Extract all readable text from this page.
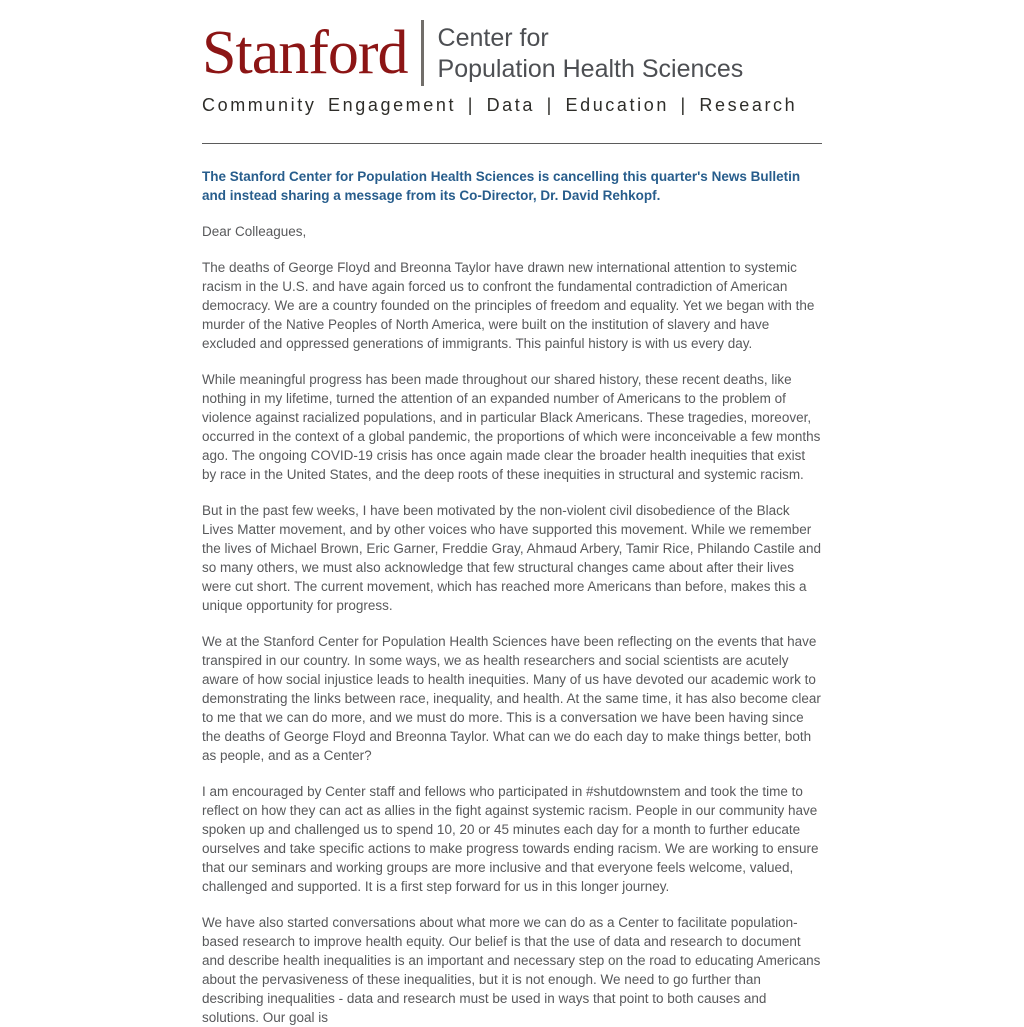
Stanford	Center for
Population Health Sciences
Community Engagement | Data | Education | Research

The Stanford Center for Population Health Sciences is cancelling this quarter's News Bulletin and instead sharing a message from its Co-Director, Dr. David Rehkopf.

Dear Colleagues,

The deaths of George Floyd and Breonna Taylor have drawn new international attention to systemic racism in the U.S. and have again forced us to confront the fundamental contradiction of American democracy. We are a country founded on the principles of freedom and equality. Yet we began with the murder of the Native Peoples of North America, were built on the institution of slavery and have excluded and oppressed generations of immigrants. This painful history is with us every day.

While meaningful progress has been made throughout our shared history, these recent deaths, like nothing in my lifetime, turned the attention of an expanded number of Americans to the problem of violence against racialized populations, and in particular Black Americans. These tragedies, moreover, occurred in the context of a global pandemic, the proportions of which were inconceivable a few months ago. The ongoing COVID-19 crisis has once again made clear the broader health inequities that exist by race in the United States, and the deep roots of these inequities in structural and systemic racism.

But in the past few weeks, I have been motivated by the non-violent civil disobedience of the Black Lives Matter movement, and by other voices who have supported this movement. While we remember the lives of Michael Brown, Eric Garner, Freddie Gray, Ahmaud Arbery, Tamir Rice, Philando Castile and so many others, we must also acknowledge that few structural changes came about after their lives were cut short. The current movement, which has reached more Americans than before, makes this a unique opportunity for progress.

We at the Stanford Center for Population Health Sciences have been reflecting on the events that have transpired in our country. In some ways, we as health researchers and social scientists are acutely aware of how social injustice leads to health inequities. Many of us have devoted our academic work to demonstrating the links between race, inequality, and health. At the same time, it has also become clear to me that we can do more, and we must do more. This is a conversation we have been having since the deaths of George Floyd and Breonna Taylor. What can we do each day to make things better, both as people, and as a Center?

I am encouraged by Center staff and fellows who participated in #shutdownstem and took the time to reflect on how they can act as allies in the fight against systemic racism. People in our community have spoken up and challenged us to spend 10, 20 or 45 minutes each day for a month to further educate ourselves and take specific actions to make progress towards ending racism. We are working to ensure that our seminars and working groups are more inclusive and that everyone feels welcome, valued, challenged and supported. It is a first step forward for us in this longer journey.

We have also started conversations about what more we can do as a Center to facilitate population-based research to improve health equity. Our belief is that the use of data and research to document and describe health inequalities is an important and necessary step on the road to educating Americans about the pervasiveness of these inequalities, but it is not enough. We need to go further than describing inequalities - data and research must be used in ways that point to both causes and solutions. Our goal is
